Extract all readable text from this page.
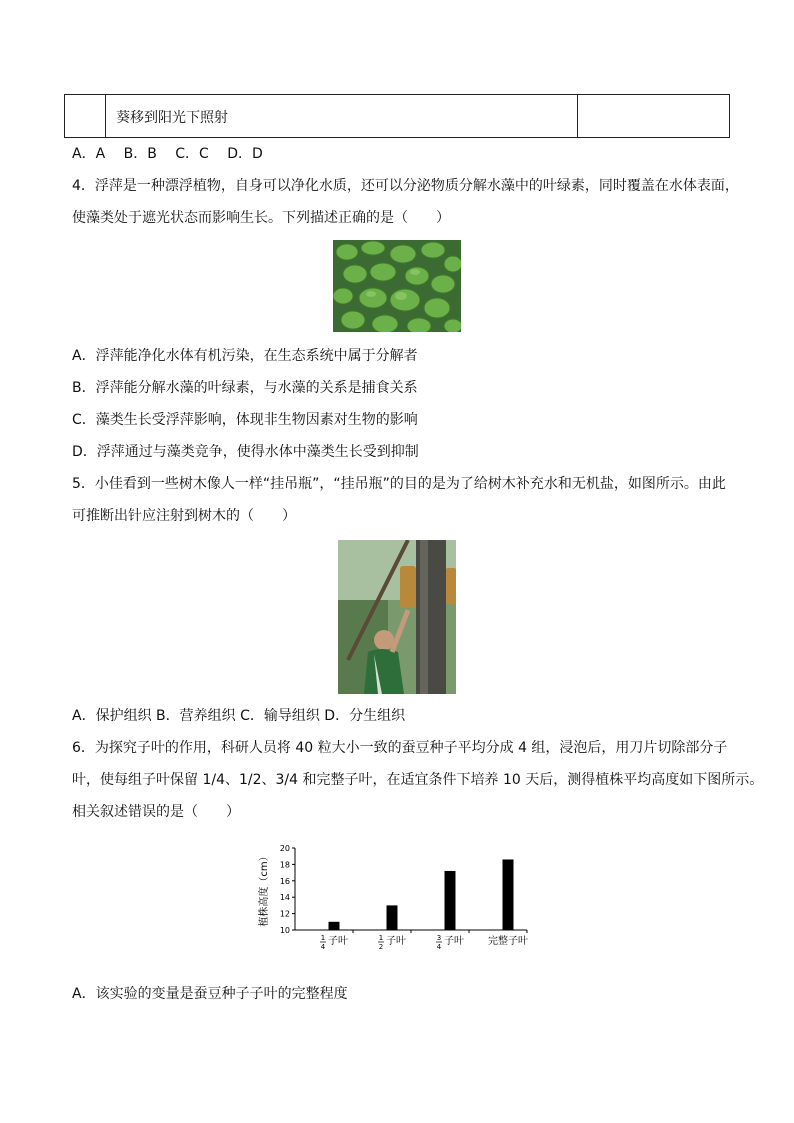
葵移到阳光下照射
A．A　 B．B　 C．C　 D．D
4．浮萍是一种漂浮植物，自身可以净化水质，还可以分泌物质分解水藻中的叶绿素，同时覆盖在水体表面，
使藻类处于遮光状态而影响生长。下列描述正确的是（　　）
A．浮萍能净化水体有机污染，在生态系统中属于分解者
B．浮萍能分解水藻的叶绿素，与水藻的关系是捕食关系
C．藻类生长受浮萍影响，体现非生物因素对生物的影响
D．浮萍通过与藻类竞争，使得水体中藻类生长受到抑制
5．小佳看到一些树木像人一样“挂吊瓶”，“挂吊瓶”的目的是为了给树木补充水和无机盐，如图所示。由此
可推断出针应注射到树木的（　　）
A．保护组织 B．营养组织 C．输导组织 D．分生组织
6．为探究子叶的作用，科研人员将 40 粒大小一致的蚕豆种子平均分成 4 组，浸泡后，用刀片切除部分子
叶，使每组子叶保留 1/4、1/2、3/4 和完整子叶，在适宜条件下培养 10 天后，测得植株平均高度如下图所示。
相关叙述错误的是（　　）
10
12
14
16
18
20
植株高度（cm）
1
4 子叶	1
2 子叶	3
4 子叶 完整子叶
A．该实验的变量是蚕豆种子子叶的完整程度
